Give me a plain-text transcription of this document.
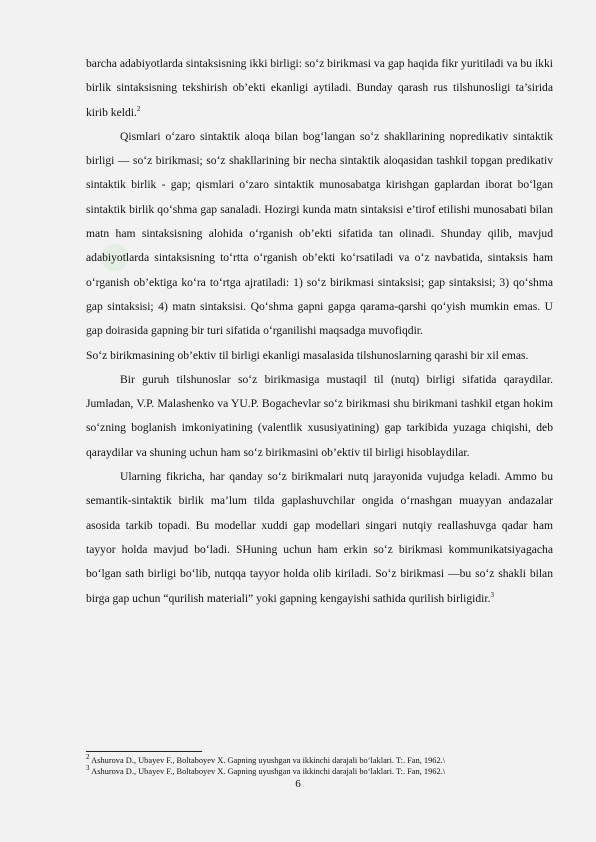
●

barcha adabiyotlarda sintaksisning ikki birligi: so‘z birikmasi va gap haqida fikr yuritiladi va bu ikki birlik sintaksisning tekshirish ob’ekti ekanligi aytiladi. Bunday qarash rus tilshunosligi ta’sirida kirib keldi.$^2$

Qismlari o‘zaro sintaktik aloqa bilan bog‘langan so‘z shakllarining nopredikativ sintaktik birligi — so‘z birikmasi; so‘z shakllarining bir necha sintaktik aloqasidan tashkil topgan predikativ sintaktik birlik - gap; qismlari o‘zaro sintaktik munosabatga kirishgan gaplardan iborat bo‘lgan sintaktik birlik qo‘shma gap sanaladi. Hozirgi kunda matn sintaksisi e’tirof etilishi munosabati bilan matn ham sintaksisning alohida o‘rganish ob’ekti sifatida tan olinadi. Shunday qilib, mavjud adabiyotlarda sintaksisning to‘rtta o‘rganish ob’ekti ko‘rsatiladi va o‘z navbatida, sintaksis ham o‘rganish ob’ektiga ko‘ra to‘rtga ajratiladi: 1) so‘z birikmasi sintaksisi; gap sintaksisi; 3) qo‘shma gap sintaksisi; 4) matn sintaksisi. Qo‘shma gapni gapga qarama-qarshi qo‘yish mumkin emas. U gap doirasida gapning bir turi sifatida o‘rganilishi maqsadga muvofiqdir.

So‘z birikmasining ob’ektiv til birligi ekanligi masalasida tilshunoslarning qarashi bir xil emas.

Bir guruh tilshunoslar so‘z birikmasiga mustaqil til (nutq) birligi sifatida qaraydilar. Jumladan, V.P. Malashenko va YU.P. Bogachevlar so‘z birikmasi shu birikmani tashkil etgan hokim so‘zning boglanish imkoniyatining (valentlik xususiyatining) gap tarkibida yuzaga chiqishi, deb qaraydilar va shuning uchun ham so‘z birikmasini ob’ektiv til birligi hisoblaydilar.

Ularning fikricha, har qanday so‘z birikmalari nutq jarayonida vujudga keladi. Ammo bu semantik-sintaktik birlik ma’lum tilda gaplashuvchilar ongida o‘rnashgan muayyan andazalar asosida tarkib topadi. Bu modellar xuddi gap modellari singari nutqiy reallashuvga qadar ham tayyor holda mavjud bo‘ladi. SHuning uchun ham erkin so‘z birikmasi kommunikatsiyagacha bo‘lgan sath birligi bo‘lib, nutqqa tayyor holda olib kiriladi. So‘z birikmasi —bu so‘z shakli bilan birga gap uchun “qurilish materiali” yoki gapning kengayishi sathida qurilish birligidir.$^3$

$^2$ Ashurova D., Ubayev F., Boltaboyev X. Gapning uyushgan va ikkinchi darajali bo‘laklari. T:. Fan, 1962.\
$^3$ Ashurova D., Ubayev F., Boltaboyev X. Gapning uyushgan va ikkinchi darajali bo‘laklari. T:. Fan, 1962.\
6
